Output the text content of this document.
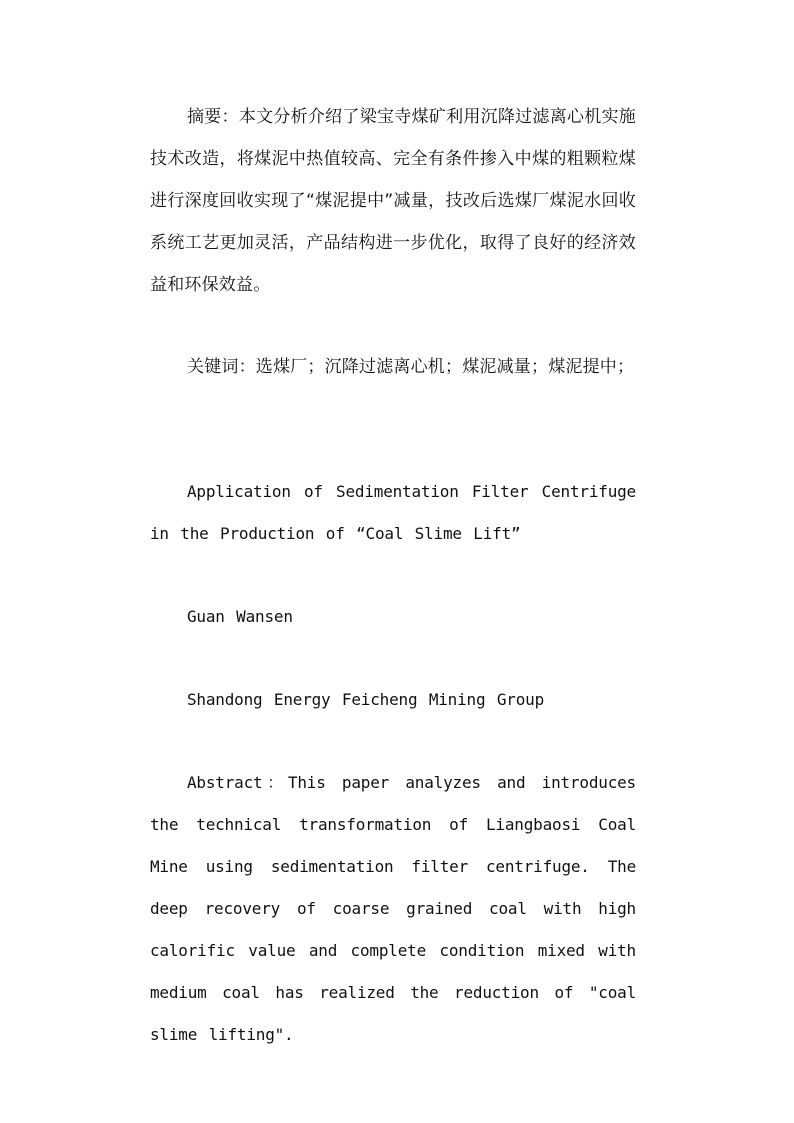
摘要：本文分析介绍了梁宝寺煤矿利用沉降过滤离心机实施技术改造，将煤泥中热值较高、完全有条件掺入中煤的粗颗粒煤进行深度回收实现了“煤泥提中”减量，技改后选煤厂煤泥水回收系统工艺更加灵活，产品结构进一步优化，取得了良好的经济效益和环保效益。

关键词：选煤厂；沉降过滤离心机；煤泥减量；煤泥提中；

Application of Sedimentation Filter Centrifuge in the Production of “Coal Slime Lift”

Guan Wansen

Shandong Energy Feicheng Mining Group

Abstract：This paper analyzes and introduces the technical transformation of Liangbaosi Coal Mine using sedimentation filter centrifuge. The deep recovery of coarse grained coal with high calorific value and complete condition mixed with medium coal has realized the reduction of "coal slime lifting".
